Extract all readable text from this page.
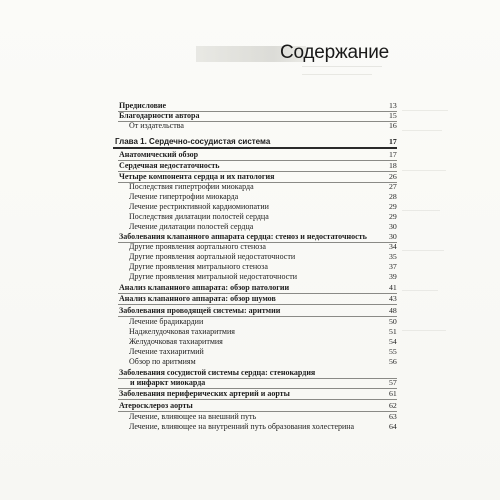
Содержание
Предисловие	13
Благодарности автора	15
От издательства	16
Глава 1. Сердечно-сосудистая система	17
Анатомический обзор	17
Сердечная недостаточность	18
Четыре компонента сердца и их патология	26
Последствия гипертрофии миокарда	27
Лечение гипертрофии миокарда	28
Лечение рестриктивной кардиомиопатии	29
Последствия дилатации полостей сердца	29
Лечение дилатации полостей сердца	30
Заболевания клапанного аппарата сердца: стеноз и недостаточность	30
Другие проявления аортального стеноза	34
Другие проявления аортальной недостаточности	35
Другие проявления митрального стеноза	37
Другие проявления митральной недостаточности	39
Анализ клапанного аппарата: обзор патологии	41
Анализ клапанного аппарата: обзор шумов	43
Заболевания проводящей системы: аритмии	48
Лечение брадикардии	50
Наджелудочковая тахиаритмия	51
Желудочковая тахиаритмия	54
Лечение тахиаритмий	55
Обзор по аритмиям	56
Заболевания сосудистой системы сердца: стенокардия
и инфаркт миокарда	57
Заболевания периферических артерий и аорты	61
Атеросклероз аорты	62
Лечение, влияющее на внешний путь	63
Лечение, влияющее на внутренний путь образования холестерина	64
